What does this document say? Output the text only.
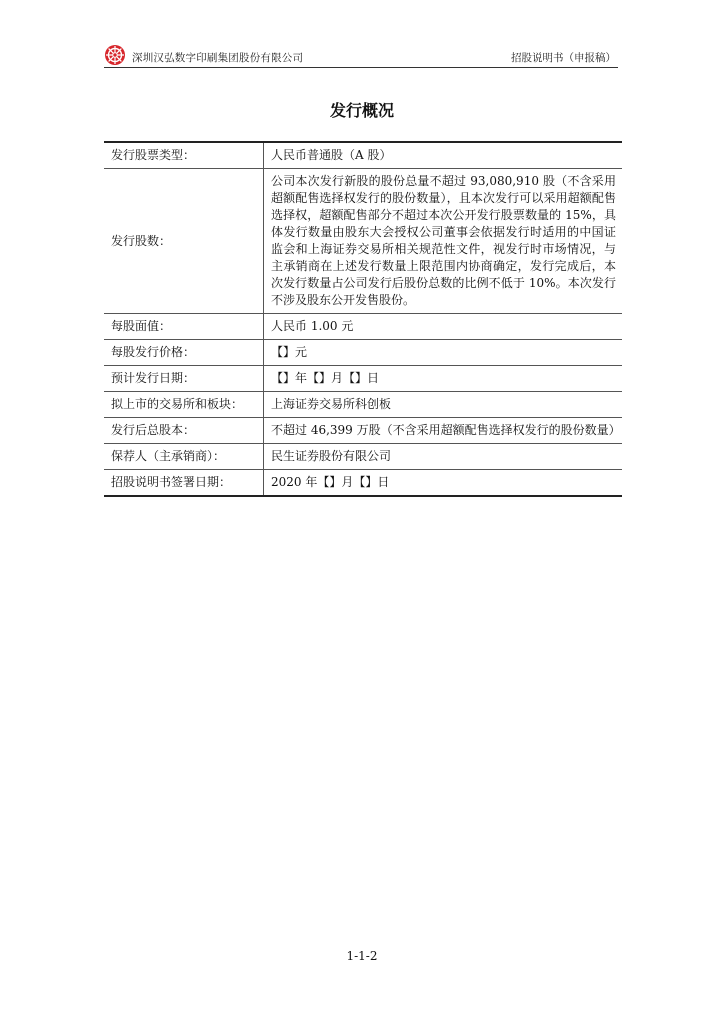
深圳汉弘数字印刷集团股份有限公司	招股说明书（申报稿）
发行概况
发行股票类型：	人民币普通股（A 股）
发行股数：	公司本次发行新股的股份总量不超过 93,080,910 股（不含采用超额配售选择权发行的股份数量），且本次发行可以采用超额配售选择权，超额配售部分不超过本次公开发行股票数量的 15%，具体发行数量由股东大会授权公司董事会依据发行时适用的中国证监会和上海证券交易所相关规范性文件，视发行时市场情况，与主承销商在上述发行数量上限范围内协商确定，发行完成后，本次发行数量占公司发行后股份总数的比例不低于 10%。本次发行不涉及股东公开发售股份。
每股面值：	人民币 1.00 元
每股发行价格：	【】元
预计发行日期：	【】年【】月【】日
拟上市的交易所和板块：	上海证券交易所科创板
发行后总股本：	不超过 46,399 万股（不含采用超额配售选择权发行的股份数量）
保荐人（主承销商）：	民生证券股份有限公司
招股说明书签署日期：	2020 年【】月【】日
1-1-2
